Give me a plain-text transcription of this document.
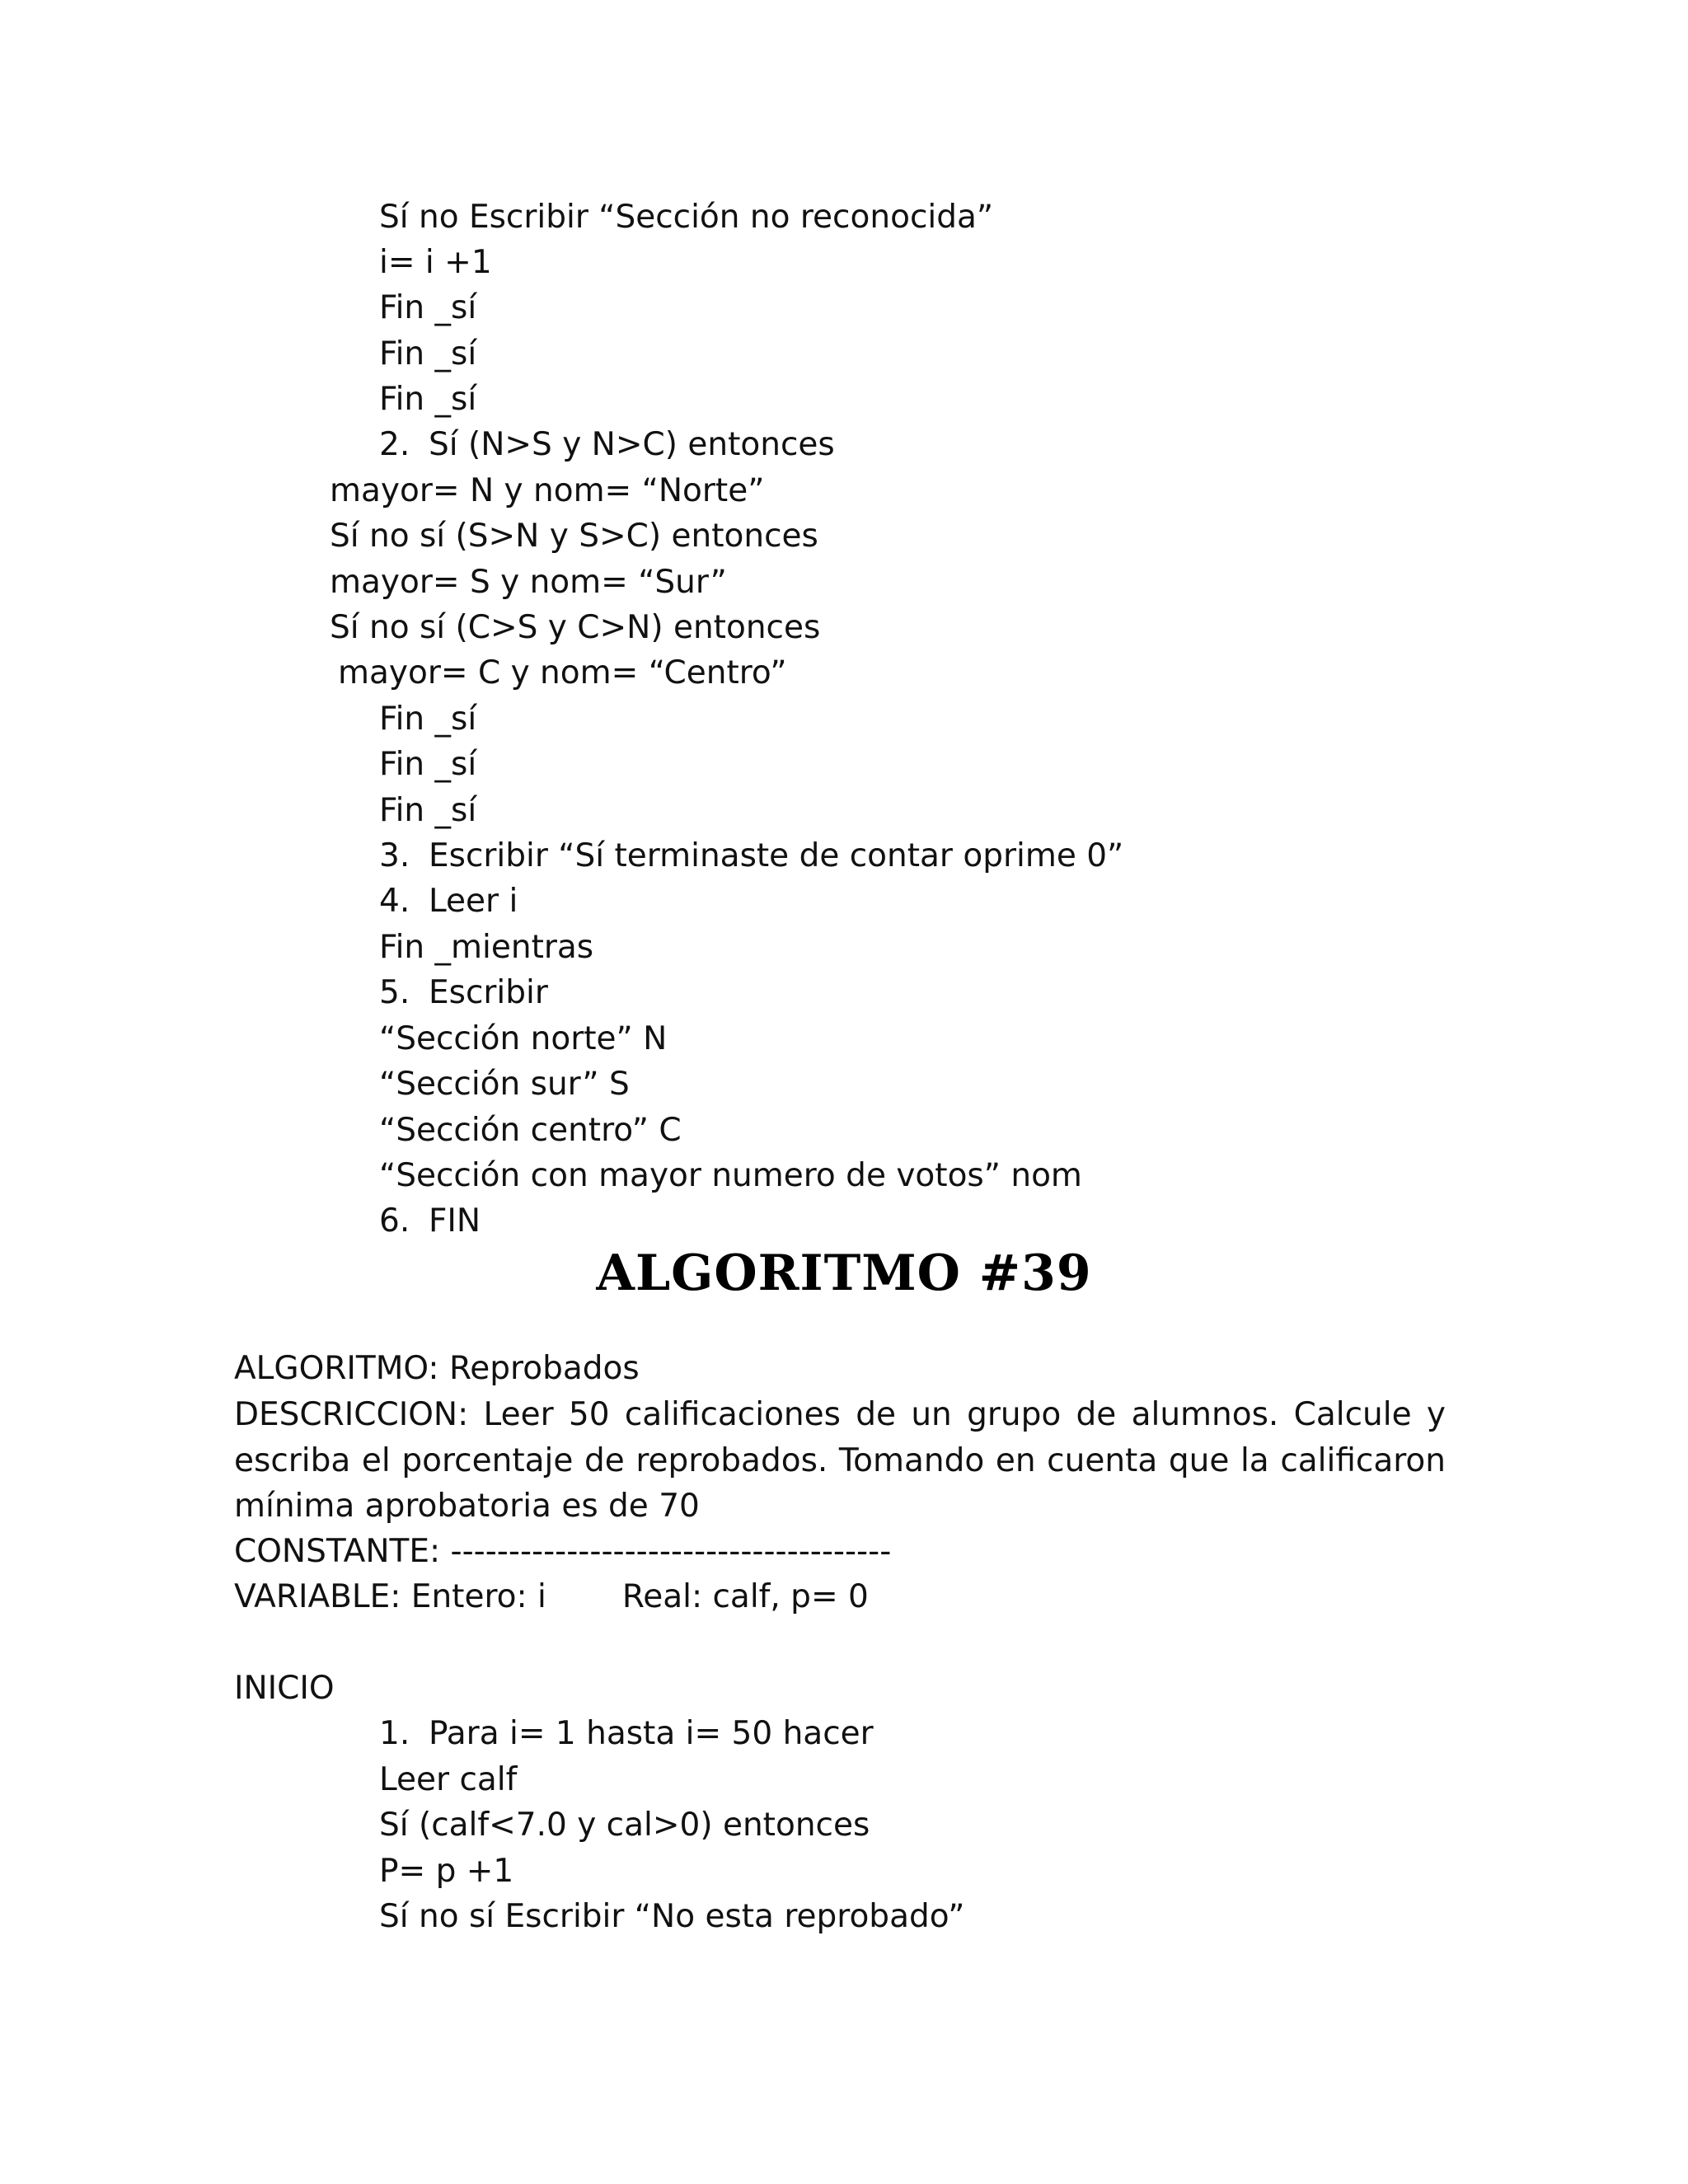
Sí no Escribir “Sección no reconocida”
i= i +1
Fin _sí
Fin _sí
Fin _sí
2. Sí (N>S y N>C) entonces
mayor= N y nom= “Norte”
Sí no sí (S>N y S>C) entonces
mayor= S y nom= “Sur”
Sí no sí (C>S y C>N) entonces
mayor= C y nom= “Centro”
Fin _sí
Fin _sí
Fin _sí
3. Escribir “Sí terminaste de contar oprime 0”
4. Leer i
Fin _mientras
5. Escribir
“Sección norte” N
“Sección sur” S
“Sección centro” C
“Sección con mayor numero de votos” nom
6. FIN
ALGORITMO #39
ALGORITMO: Reprobados
DESCRICCION: Leer 50 calificaciones de un grupo de alumnos. Calcule y escriba el porcentaje de reprobados. Tomando en cuenta que la calificaron mínima aprobatoria es de 70
CONSTANTE: --------------------------------------
VARIABLE: Entero: i Real: calf, p= 0
INICIO
1. Para i= 1 hasta i= 50 hacer
Leer calf
Sí (calf<7.0 y cal>0) entonces
P= p +1
Sí no sí Escribir “No esta reprobado”
